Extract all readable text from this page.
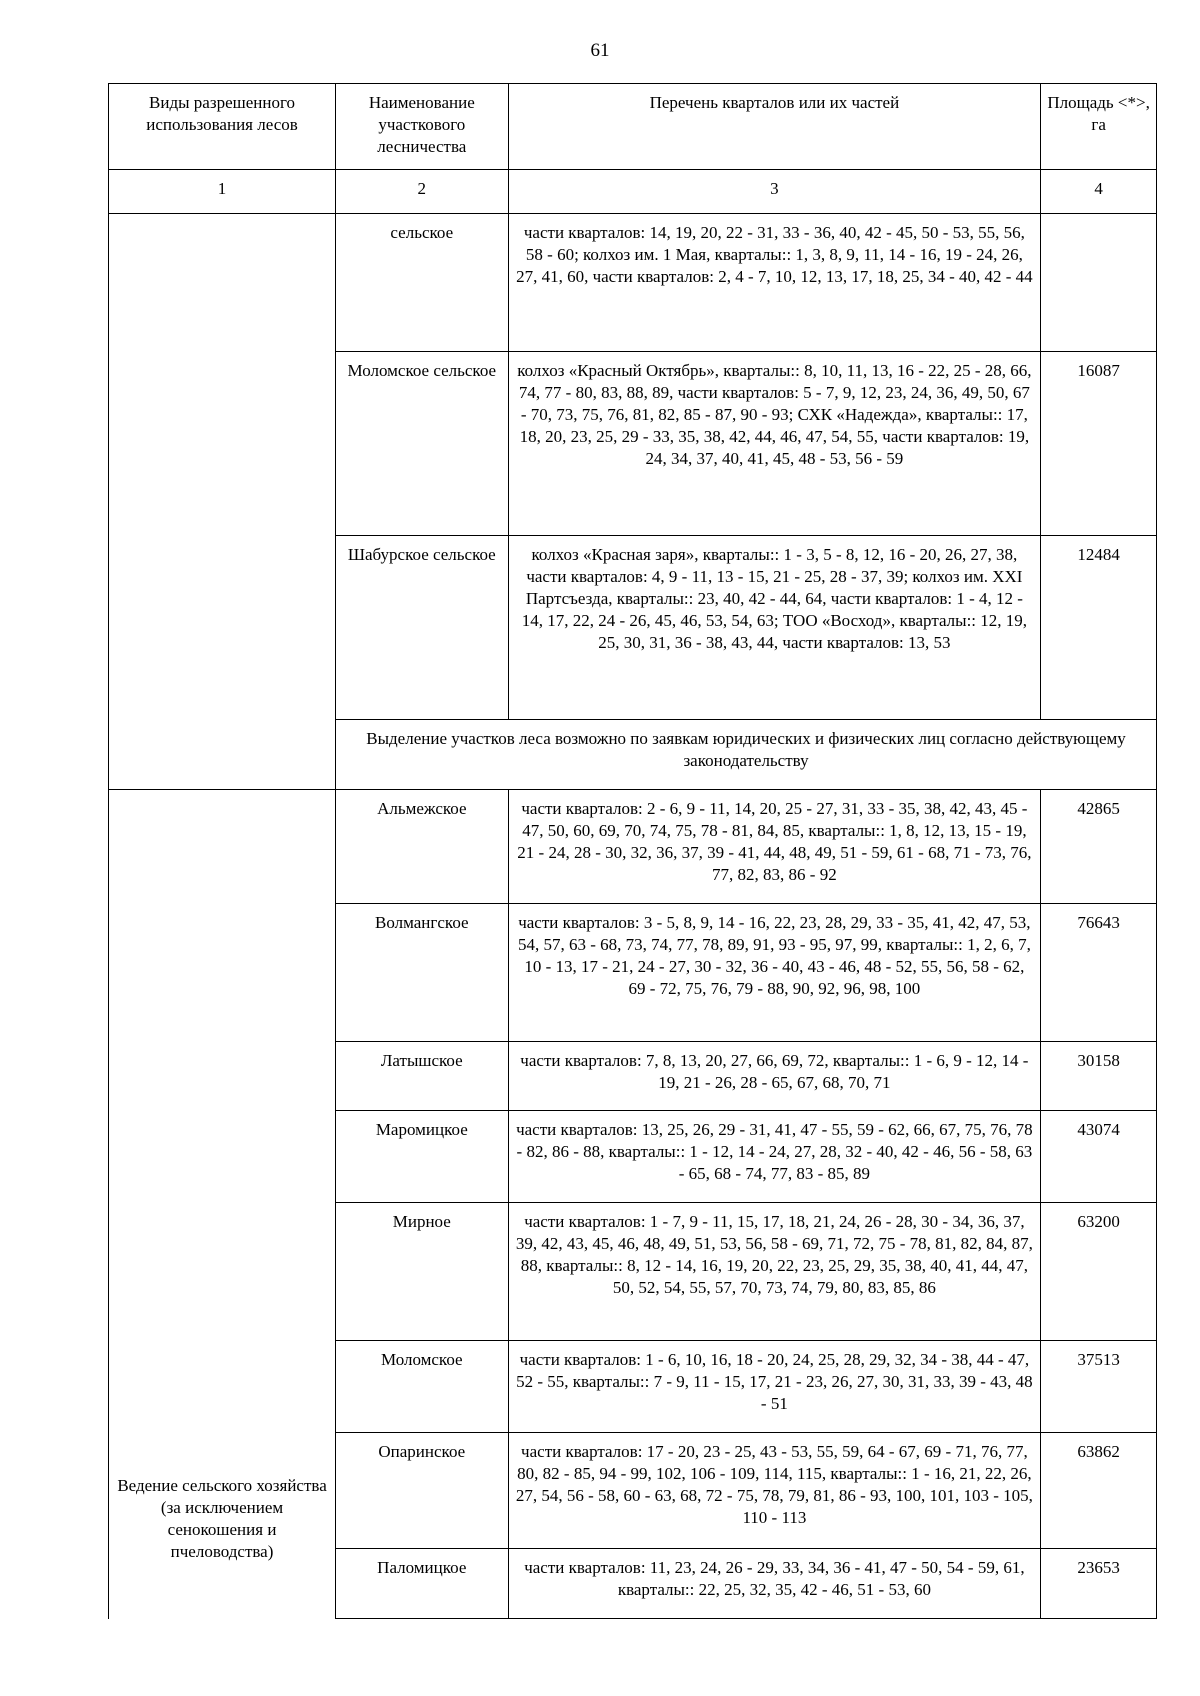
61
Виды разрешенного использования лесов	Наименование участкового лесничества	Перечень кварталов или их частей	Площадь <*>, га
1	2	3	4
	сельское	части кварталов: 14, 19, 20, 22 - 31, 33 - 36, 40, 42 - 45, 50 - 53, 55, 56, 58 - 60; колхоз им. 1 Мая, кварталы:: 1, 3, 8, 9, 11, 14 - 16, 19 - 24, 26, 27, 41, 60, части кварталов: 2, 4 - 7, 10, 12, 13, 17, 18, 25, 34 - 40, 42 - 44	
	Моломское сельское	колхоз «Красный Октябрь», кварталы:: 8, 10, 11, 13, 16 - 22, 25 - 28, 66, 74, 77 - 80, 83, 88, 89, части кварталов: 5 - 7, 9, 12, 23, 24, 36, 49, 50, 67 - 70, 73, 75, 76, 81, 82, 85 - 87, 90 - 93; СХК «Надежда», кварталы:: 17, 18, 20, 23, 25, 29 - 33, 35, 38, 42, 44, 46, 47, 54, 55, части кварталов: 19, 24, 34, 37, 40, 41, 45, 48 - 53, 56 - 59	16087
	Шабурское сельское	колхоз «Красная заря», кварталы:: 1 - 3, 5 - 8, 12, 16 - 20, 26, 27, 38, части кварталов: 4, 9 - 11, 13 - 15, 21 - 25, 28 - 37, 39; колхоз им. XXI Партсъезда, кварталы:: 23, 40, 42 - 44, 64, части кварталов: 1 - 4, 12 - 14, 17, 22, 24 - 26, 45, 46, 53, 54, 63; ТОО «Восход», кварталы:: 12, 19, 25, 30, 31, 36 - 38, 43, 44, части кварталов: 13, 53	12484
	Выделение участков леса возможно по заявкам юридических и физических лиц согласно действующему законодательству		
Ведение сельского хозяйства (за исключением сенокошения и пчеловодства)	Альмежское	части кварталов: 2 - 6, 9 - 11, 14, 20, 25 - 27, 31, 33 - 35, 38, 42, 43, 45 - 47, 50, 60, 69, 70, 74, 75, 78 - 81, 84, 85, кварталы:: 1, 8, 12, 13, 15 - 19, 21 - 24, 28 - 30, 32, 36, 37, 39 - 41, 44, 48, 49, 51 - 59, 61 - 68, 71 - 73, 76, 77, 82, 83, 86 - 92	42865
	Волмангское	части кварталов: 3 - 5, 8, 9, 14 - 16, 22, 23, 28, 29, 33 - 35, 41, 42, 47, 53, 54, 57, 63 - 68, 73, 74, 77, 78, 89, 91, 93 - 95, 97, 99, кварталы:: 1, 2, 6, 7, 10 - 13, 17 - 21, 24 - 27, 30 - 32, 36 - 40, 43 - 46, 48 - 52, 55, 56, 58 - 62, 69 - 72, 75, 76, 79 - 88, 90, 92, 96, 98, 100	76643
	Латышское	части кварталов: 7, 8, 13, 20, 27, 66, 69, 72, кварталы:: 1 - 6, 9 - 12, 14 - 19, 21 - 26, 28 - 65, 67, 68, 70, 71	30158
	Маромицкое	части кварталов: 13, 25, 26, 29 - 31, 41, 47 - 55, 59 - 62, 66, 67, 75, 76, 78 - 82, 86 - 88, кварталы:: 1 - 12, 14 - 24, 27, 28, 32 - 40, 42 - 46, 56 - 58, 63 - 65, 68 - 74, 77, 83 - 85, 89	43074
	Мирное	части кварталов: 1 - 7, 9 - 11, 15, 17, 18, 21, 24, 26 - 28, 30 - 34, 36, 37, 39, 42, 43, 45, 46, 48, 49, 51, 53, 56, 58 - 69, 71, 72, 75 - 78, 81, 82, 84, 87, 88, кварталы:: 8, 12 - 14, 16, 19, 20, 22, 23, 25, 29, 35, 38, 40, 41, 44, 47, 50, 52, 54, 55, 57, 70, 73, 74, 79, 80, 83, 85, 86	63200
	Моломское	части кварталов: 1 - 6, 10, 16, 18 - 20, 24, 25, 28, 29, 32, 34 - 38, 44 - 47, 52 - 55, кварталы:: 7 - 9, 11 - 15, 17, 21 - 23, 26, 27, 30, 31, 33, 39 - 43, 48 - 51	37513
	Опаринское	части кварталов: 17 - 20, 23 - 25, 43 - 53, 55, 59, 64 - 67, 69 - 71, 76, 77, 80, 82 - 85, 94 - 99, 102, 106 - 109, 114, 115, кварталы:: 1 - 16, 21, 22, 26, 27, 54, 56 - 58, 60 - 63, 68, 72 - 75, 78, 79, 81, 86 - 93, 100, 101, 103 - 105, 110 - 113	63862
	Паломицкое	части кварталов: 11, 23, 24, 26 - 29, 33, 34, 36 - 41, 47 - 50, 54 - 59, 61, кварталы:: 22, 25, 32, 35, 42 - 46, 51 - 53, 60	23653
